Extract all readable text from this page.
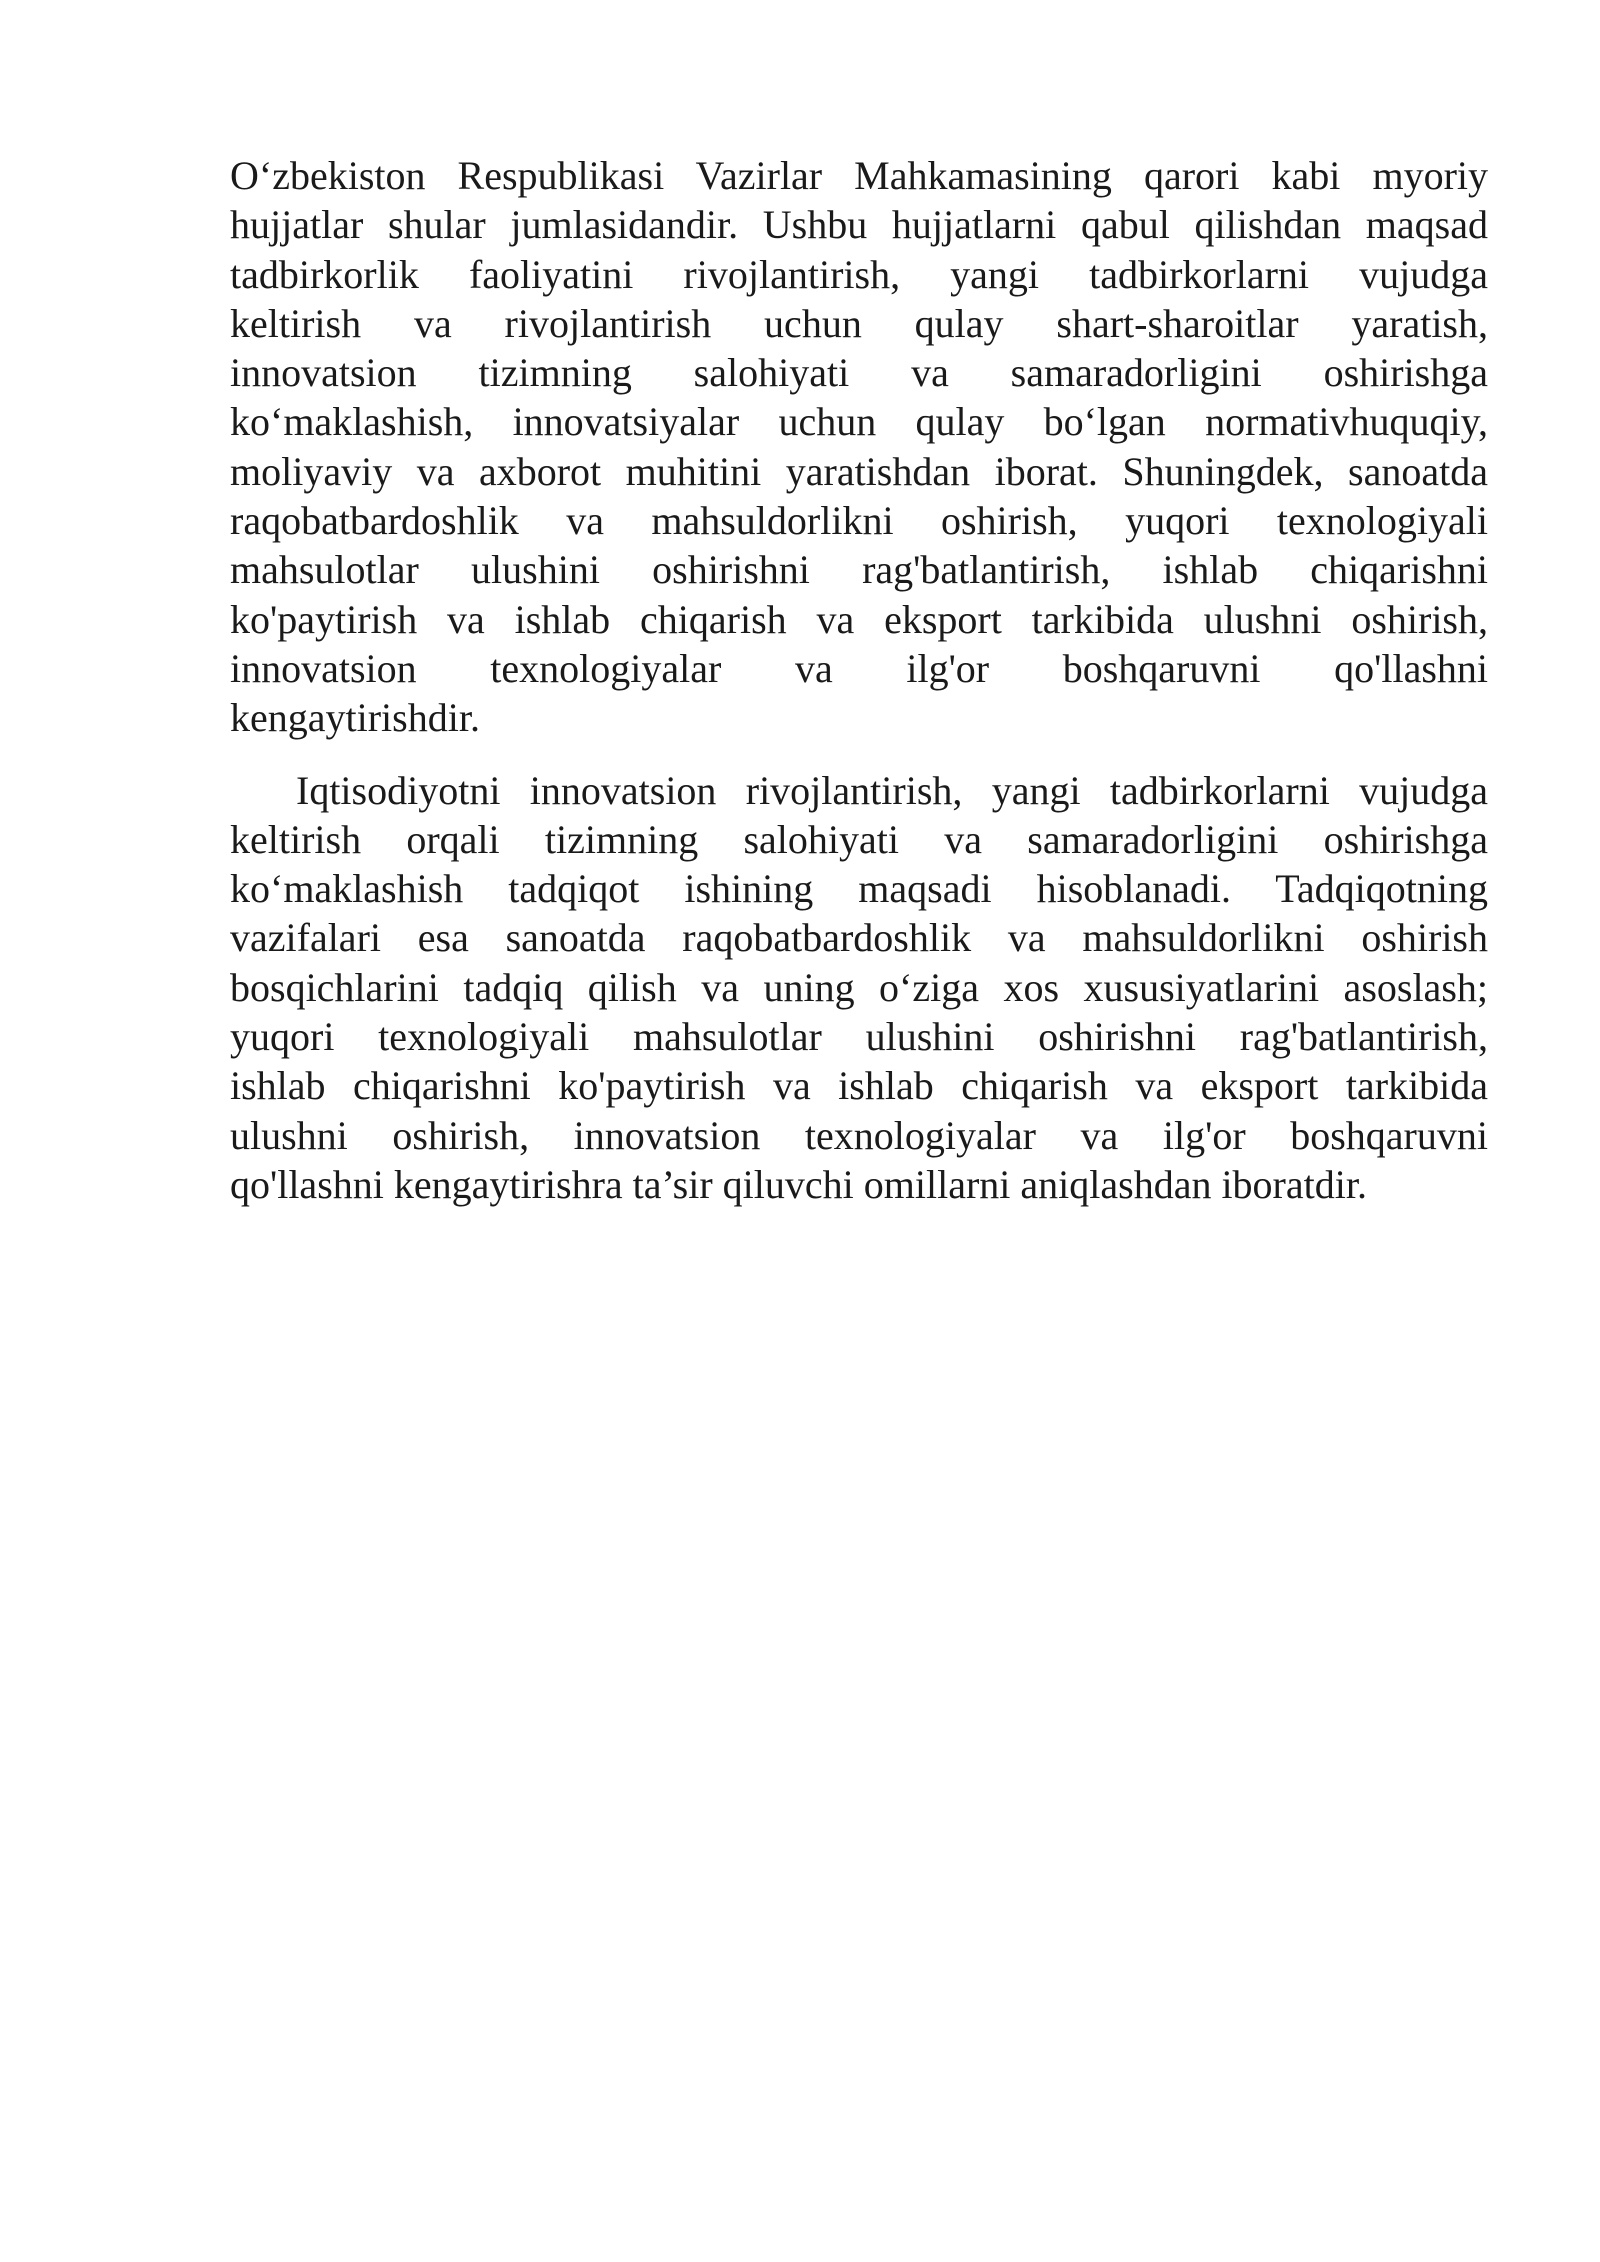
O‘zbekiston Respublikasi Vazirlar Mahkamasining qarori kabi myoriy
hujjatlar shular jumlasidandir. Ushbu hujjatlarni qabul qilishdan maqsad
tadbirkorlik faoliyatini rivojlantirish, yangi tadbirkorlarni vujudga
keltirish va rivojlantirish uchun qulay shart-sharoitlar yaratish,
innovatsion tizimning salohiyati va samaradorligini oshirishga
ko‘maklashish, innovatsiyalar uchun qulay bo‘lgan normativhuquqiy,
moliyaviy va axborot muhitini yaratishdan iborat. Shuningdek, sanoatda
raqobatbardoshlik va mahsuldorlikni oshirish, yuqori texnologiyali
mahsulotlar ulushini oshirishni rag'batlantirish, ishlab chiqarishni
ko'paytirish va ishlab chiqarish va eksport tarkibida ulushni oshirish,
innovatsion texnologiyalar va ilg'or boshqaruvni qo'llashni
kengaytirishdir.
Iqtisodiyotni innovatsion rivojlantirish, yangi tadbirkorlarni vujudga
keltirish orqali tizimning salohiyati va samaradorligini oshirishga
ko‘maklashish tadqiqot ishining maqsadi hisoblanadi. Tadqiqotning
vazifalari esa sanoatda raqobatbardoshlik va mahsuldorlikni oshirish
bosqichlarini tadqiq qilish va uning o‘ziga xos xususiyatlarini asoslash;
yuqori texnologiyali mahsulotlar ulushini oshirishni rag'batlantirish,
ishlab chiqarishni ko'paytirish va ishlab chiqarish va eksport tarkibida
ulushni oshirish, innovatsion texnologiyalar va ilg'or boshqaruvni
qo'llashni kengaytirishra ta’sir qiluvchi omillarni aniqlashdan iboratdir.
